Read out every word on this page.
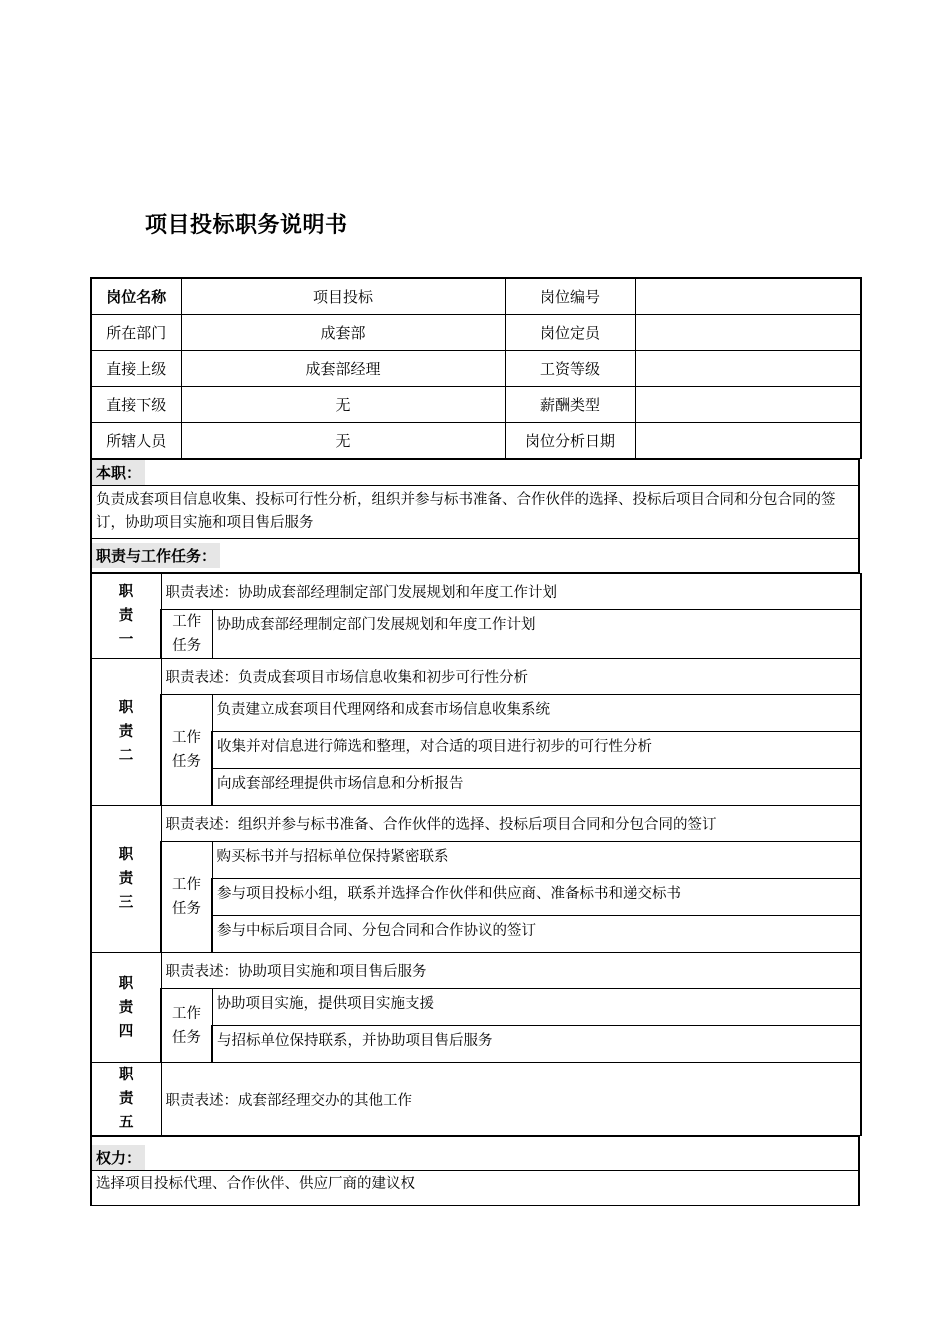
项目投标职务说明书
岗位名称	项目投标	岗位编号	
所在部门	成套部	岗位定员	
直接上级	成套部经理	工资等级	
直接下级	无	薪酬类型	
所辖人员	无	岗位分析日期	
本职：

负责成套项目信息收集、投标可行性分析，组织并参与标书准备、合作伙伴的选择、投标后项目合同和分包合同的签订，协助项目实施和项目售后服务

职责与工作任务：
职
责
一	职责表述：协助成套部经理制定部门发展规划和年度工作计划	

	工作
任务	协助成套部经理制定部门发展规划和年度工作计划

职
责
二	职责表述：负责成套项目市场信息收集和初步可行性分析	

	工作
任务	负责建立成套项目代理网络和成套市场信息收集系统
		收集并对信息进行筛选和整理，对合适的项目进行初步的可行性分析
		向成套部经理提供市场信息和分析报告

职
责
三	职责表述：组织并参与标书准备、合作伙伴的选择、投标后项目合同和分包合同的签订	

	工作
任务	购买标书并与招标单位保持紧密联系
		参与项目投标小组，联系并选择合作伙伴和供应商、准备标书和递交标书
		参与中标后项目合同、分包合同和合作协议的签订

职
责
四	职责表述：协助项目实施和项目售后服务	

	工作
任务	协助项目实施，提供项目实施支援
		与招标单位保持联系，并协助项目售后服务

职
责
五	职责表述：成套部经理交办的其他工作	
权力：

选择项目投标代理、合作伙伴、供应厂商的建议权
